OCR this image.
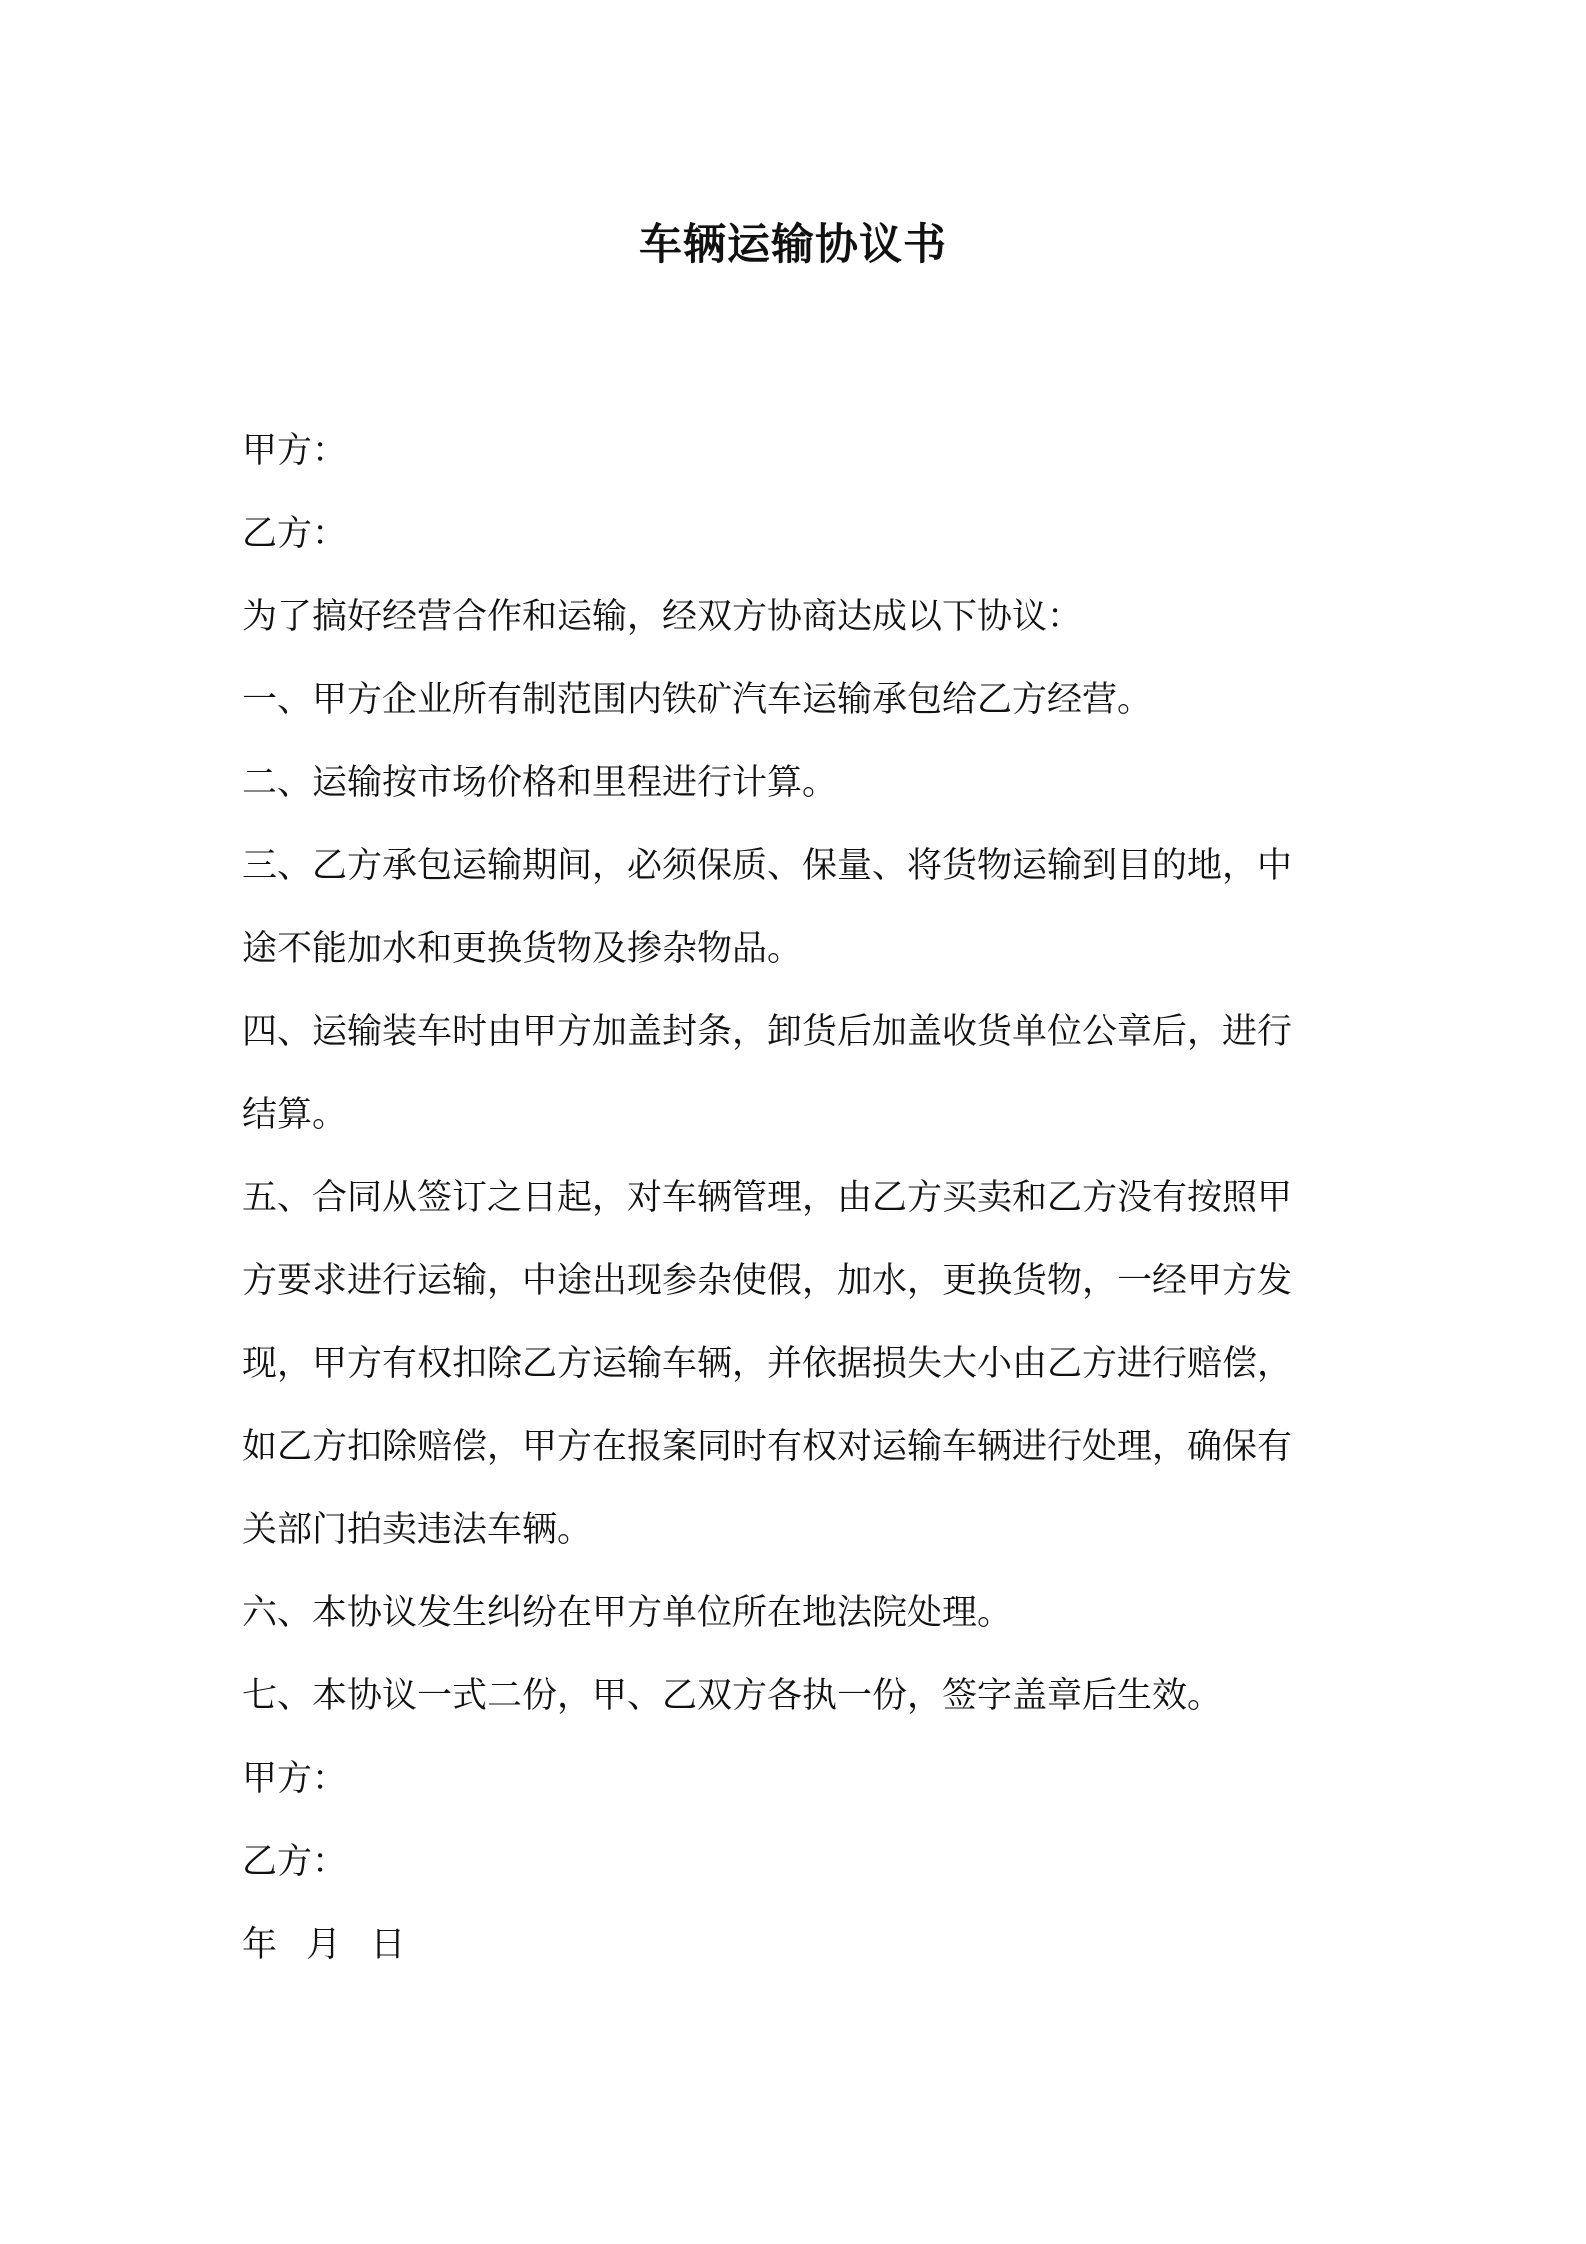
车辆运输协议书
甲方：
乙方：
为了搞好经营合作和运输，经双方协商达成以下协议：
一、甲方企业所有制范围内铁矿汽车运输承包给乙方经营。
二、运输按市场价格和里程进行计算。
三、乙方承包运输期间，必须保质、保量、将货物运输到目的地，中
途不能加水和更换货物及掺杂物品。
四、运输装车时由甲方加盖封条，卸货后加盖收货单位公章后，进行
结算。
五、合同从签订之日起，对车辆管理，由乙方买卖和乙方没有按照甲
方要求进行运输，中途出现参杂使假，加水，更换货物，一经甲方发
现，甲方有权扣除乙方运输车辆，并依据损失大小由乙方进行赔偿，
如乙方扣除赔偿，甲方在报案同时有权对运输车辆进行处理，确保有
关部门拍卖违法车辆。
六、本协议发生纠纷在甲方单位所在地法院处理。
七、本协议一式二份，甲、乙双方各执一份，签字盖章后生效。
甲方：
乙方：
年 月 日
